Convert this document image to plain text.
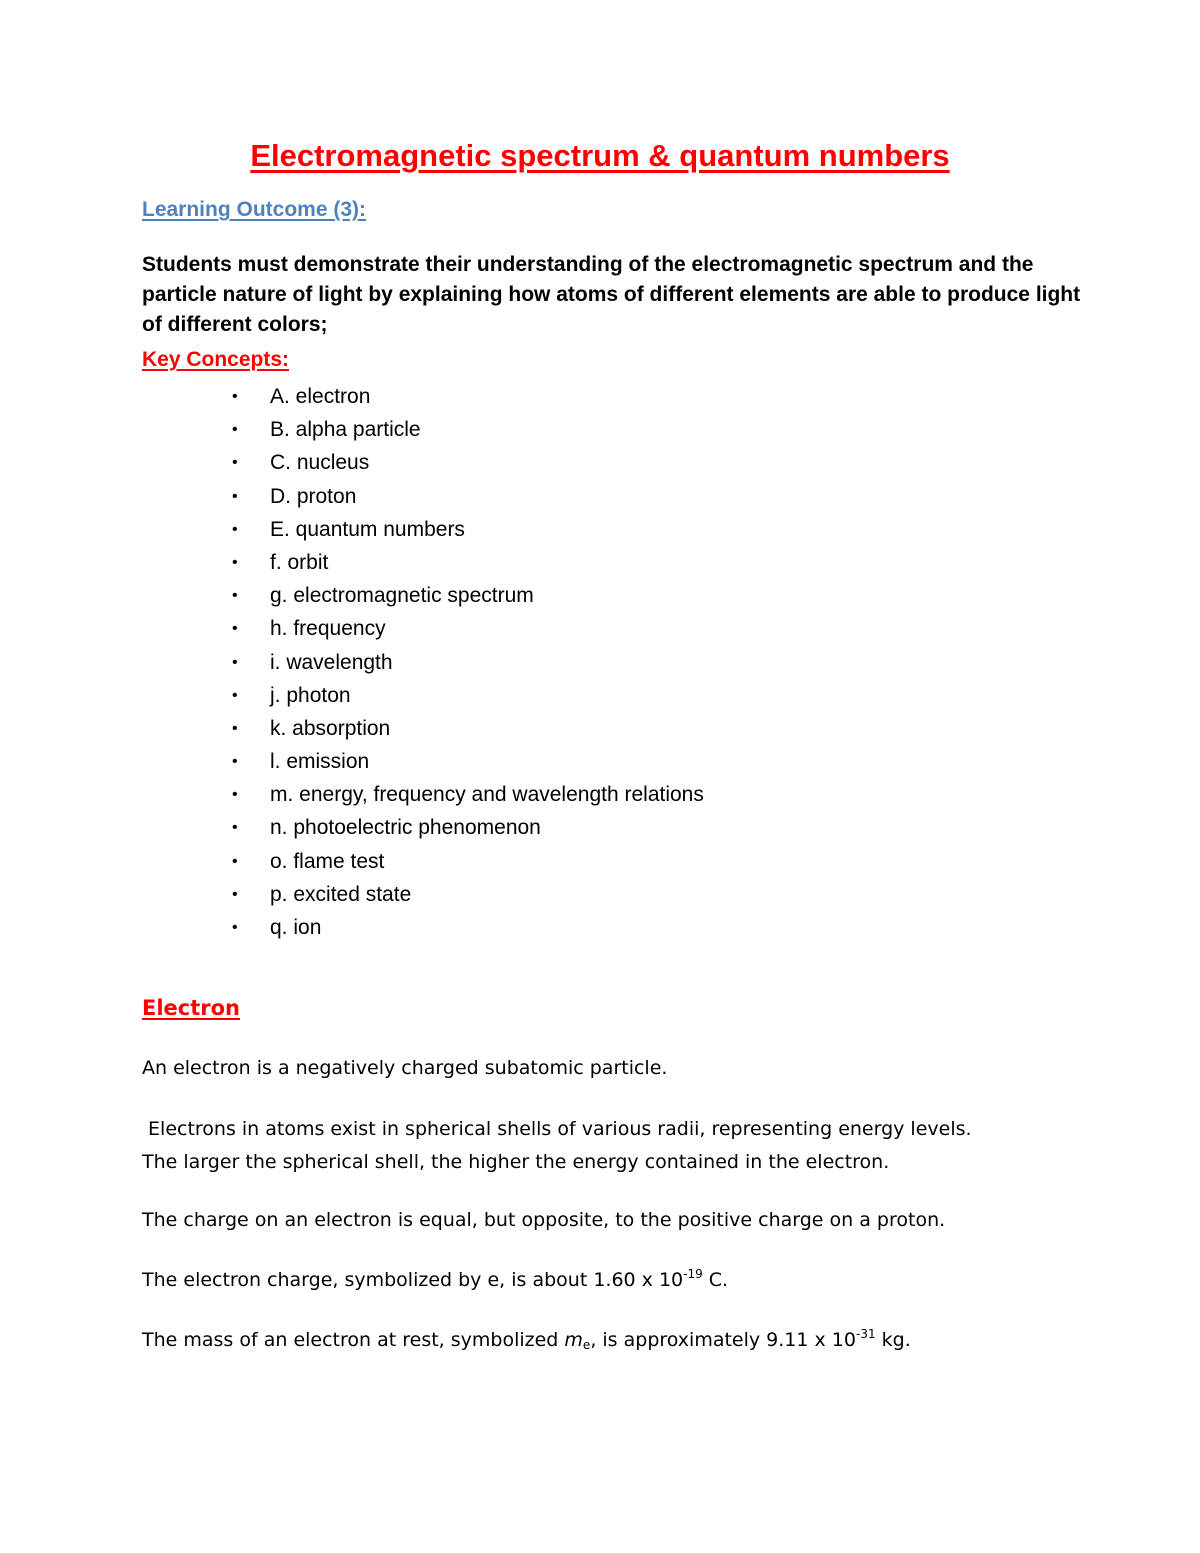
Electromagnetic spectrum & quantum numbers
Learning Outcome (3):

Students must demonstrate their understanding of the electromagnetic spectrum and the particle nature of light by explaining how atoms of different elements are able to produce light of different colors;

Key Concepts:
• A. electron
• B. alpha particle
• C. nucleus
• D. proton
• E. quantum numbers
• f. orbit
• g. electromagnetic spectrum
• h. frequency
• i. wavelength
• j. photon
• k. absorption
• l. emission
• m. energy, frequency and wavelength relations
• n. photoelectric phenomenon
• o. flame test
• p. excited state
• q. ion
Electron

An electron is a negatively charged subatomic particle.

Electrons in atoms exist in spherical shells of various radii, representing energy levels.
The larger the spherical shell, the higher the energy contained in the electron.

The charge on an electron is equal, but opposite, to the positive charge on a proton.

The electron charge, symbolized by e, is about 1.60 x $10^{-19}$ C.

The mass of an electron at rest, symbolized $m_e$, is approximately 9.11 x $10^{-31}$ kg.
